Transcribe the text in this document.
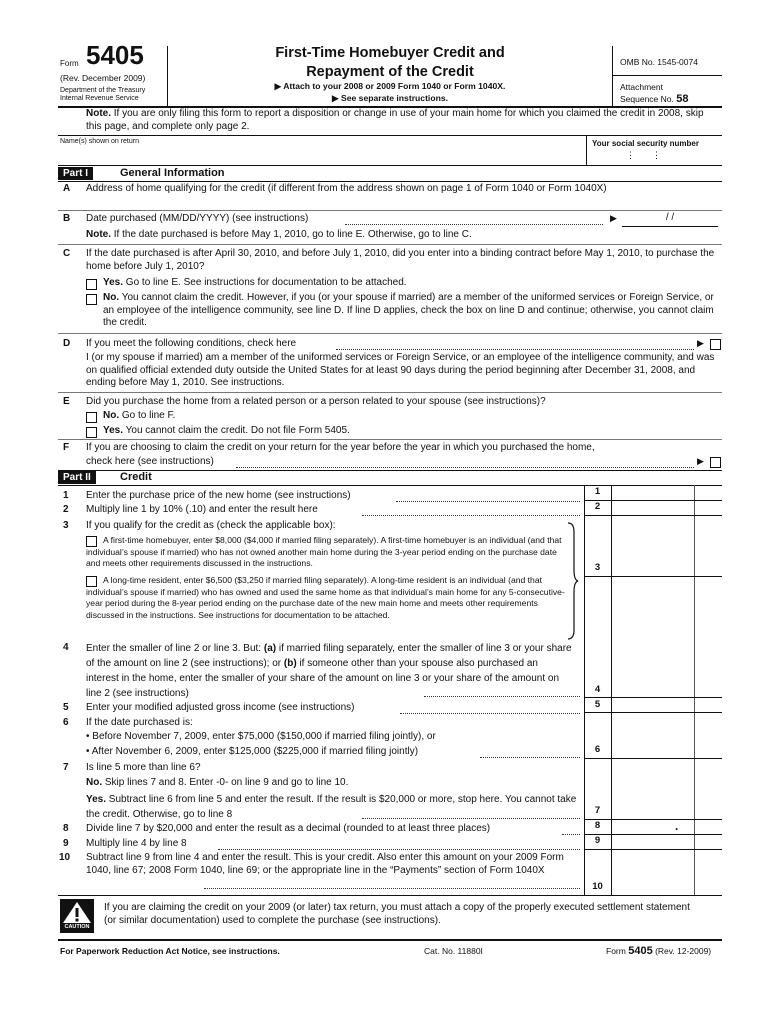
Form 5405
(Rev. December 2009)
Department of the Treasury
Internal Revenue Service
First-Time Homebuyer Credit and
Repayment of the Credit
▶ Attach to your 2008 or 2009 Form 1040 or Form 1040X.
▶ See separate instructions.
OMB No. 1545-0074
Attachment
Sequence No. 58
Note. If you are only filing this form to report a disposition or change in use of your main home for which you claimed the credit in 2008, skip this page, and complete only page 2.
Name(s) shown on return	Your social security number
⋮ ⋮
Part I	General Information
A Address of home qualifying for the credit (if different from the address shown on page 1 of Form 1040 or Form 1040X)
B Date purchased (MM/DD/YYYY) (see instructions)	▶	/ /
Note. If the date purchased is before May 1, 2010, go to line E. Otherwise, go to line C.
C If the date purchased is after April 30, 2010, and before July 1, 2010, did you enter into a binding contract before May 1, 2010, to purchase the home before July 1, 2010?
Yes. Go to line E. See instructions for documentation to be attached.
No. You cannot claim the credit. However, if you (or your spouse if married) are a member of the uniformed services or Foreign Service, or an employee of the intelligence community, see line D. If line D applies, check the box on line D and continue; otherwise, you cannot claim the credit.
D If you meet the following conditions, check here	▶
I (or my spouse if married) am a member of the uniformed services or Foreign Service, or an employee of the intelligence community, and was on qualified official extended duty outside the United States for at least 90 days during the period beginning after December 31, 2008, and ending before May 1, 2010. See instructions.
E Did you purchase the home from a related person or a person related to your spouse (see instructions)?
No. Go to line F.
Yes. You cannot claim the credit. Do not file Form 5405.
F If you are choosing to claim the credit on your return for the year before the year in which you purchased the home,
check here (see instructions)	▶
Part II	Credit
1 Enter the purchase price of the new home (see instructions)	1
2 Multiply line 1 by 10% (.10) and enter the result here	2
3 If you qualify for the credit as (check the applicable box):
A first-time homebuyer, enter $8,000 ($4,000 if married filing separately). A first-time homebuyer is an individual (and that individual’s spouse if married) who has not owned another main home during the 3-year period ending on the purchase date and meets other requirements discussed in the instructions.
A long-time resident, enter $6,500 ($3,250 if married filing separately). A long-time resident is an individual (and that individual’s spouse if married) who has owned and used the same home as that individual’s main home for any 5-consecutive-year period during the 8-year period ending on the purchase date of the new main home and meets other requirements discussed in the instructions. See instructions for documentation to be attached.
3
4 Enter the smaller of line 2 or line 3. But: (a) if married filing separately, enter the smaller of line 3 or your share of the amount on line 2 (see instructions); or (b) if someone other than your spouse also purchased an interest in the home, enter the smaller of your share of the amount on line 3 or your share of the amount on line 2 (see instructions)	4
5 Enter your modified adjusted gross income (see instructions)	5
6 If the date purchased is:
• Before November 7, 2009, enter $75,000 ($150,000 if married filing jointly), or
• After November 6, 2009, enter $125,000 ($225,000 if married filing jointly)	6
7 Is line 5 more than line 6?
No. Skip lines 7 and 8. Enter -0- on line 9 and go to line 10.
Yes. Subtract line 6 from line 5 and enter the result. If the result is $20,000 or more, stop here. You cannot take the credit. Otherwise, go to line 8	7
8 Divide line 7 by $20,000 and enter the result as a decimal (rounded to at least three places)	8	.
9 Multiply line 4 by line 8	9
10 Subtract line 9 from line 4 and enter the result. This is your credit. Also enter this amount on your 2009 Form 1040, line 67; 2008 Form 1040, line 69; or the appropriate line in the “Payments” section of Form 1040X
10
CAUTION
If you are claiming the credit on your 2009 (or later) tax return, you must attach a copy of the properly executed settlement statement (or similar documentation) used to complete the purchase (see instructions).
For Paperwork Reduction Act Notice, see instructions.	Cat. No. 11880I	Form 5405 (Rev. 12-2009)
